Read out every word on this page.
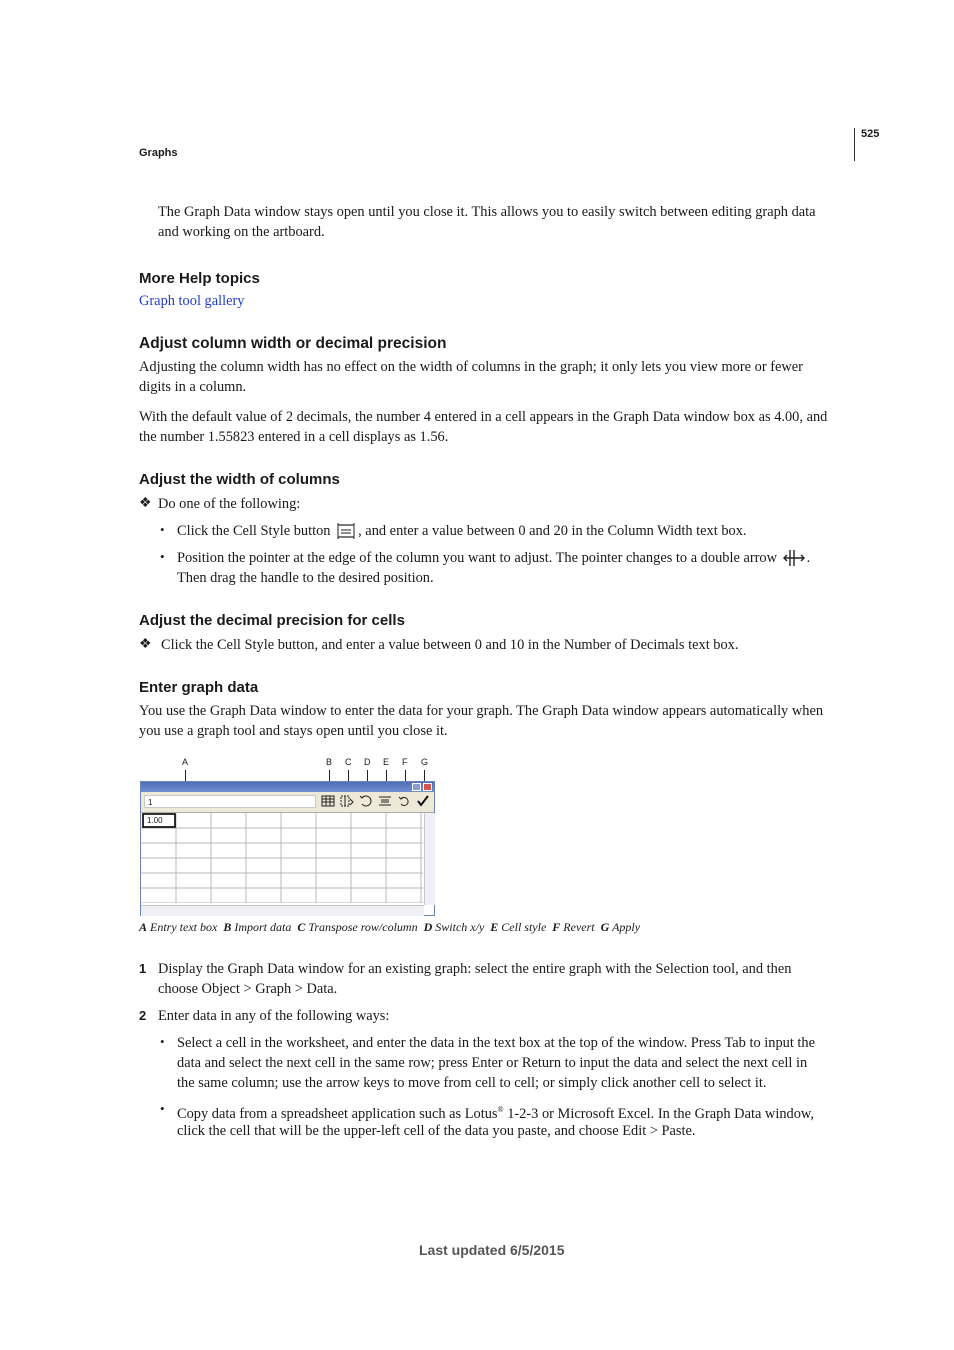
525
Graphs
The Graph Data window stays open until you close it. This allows you to easily switch between editing graph data
and working on the artboard.
More Help topics
Graph tool gallery
Adjust column width or decimal precision
Adjusting the column width has no effect on the width of columns in the graph; it only lets you view more or fewer
digits in a column.
With the default value of 2 decimals, the number 4 entered in a cell appears in the Graph Data window box as 4.00, and
the number 1.55823 entered in a cell displays as 1.56.
Adjust the width of columns
❖ Do one of the following:
• Click the Cell Style button , and enter a value between 0 and 20 in the Column Width text box.
• Position the pointer at the edge of the column you want to adjust. The pointer changes to a double arrow .
Then drag the handle to the desired position.
Adjust the decimal precision for cells
❖ Click the Cell Style button, and enter a value between 0 and 10 in the Number of Decimals text box.
Enter graph data
You use the Graph Data window to enter the data for your graph. The Graph Data window appears automatically when
you use a graph tool and stays open until you close it.
A	B C D E F G
1
1.00
A Entry text box B Import data C Transpose row/column D Switch x/y E Cell style F Revert G Apply
1 Display the Graph Data window for an existing graph: select the entire graph with the Selection tool, and then
choose Object > Graph > Data.
2 Enter data in any of the following ways:
• Select a cell in the worksheet, and enter the data in the text box at the top of the window. Press Tab to input the
data and select the next cell in the same row; press Enter or Return to input the data and select the next cell in
the same column; use the arrow keys to move from cell to cell; or simply click another cell to select it.
• Copy data from a spreadsheet application such as Lotus® 1-2-3 or Microsoft Excel. In the Graph Data window,
click the cell that will be the upper-left cell of the data you paste, and choose Edit > Paste.
Last updated 6/5/2015
